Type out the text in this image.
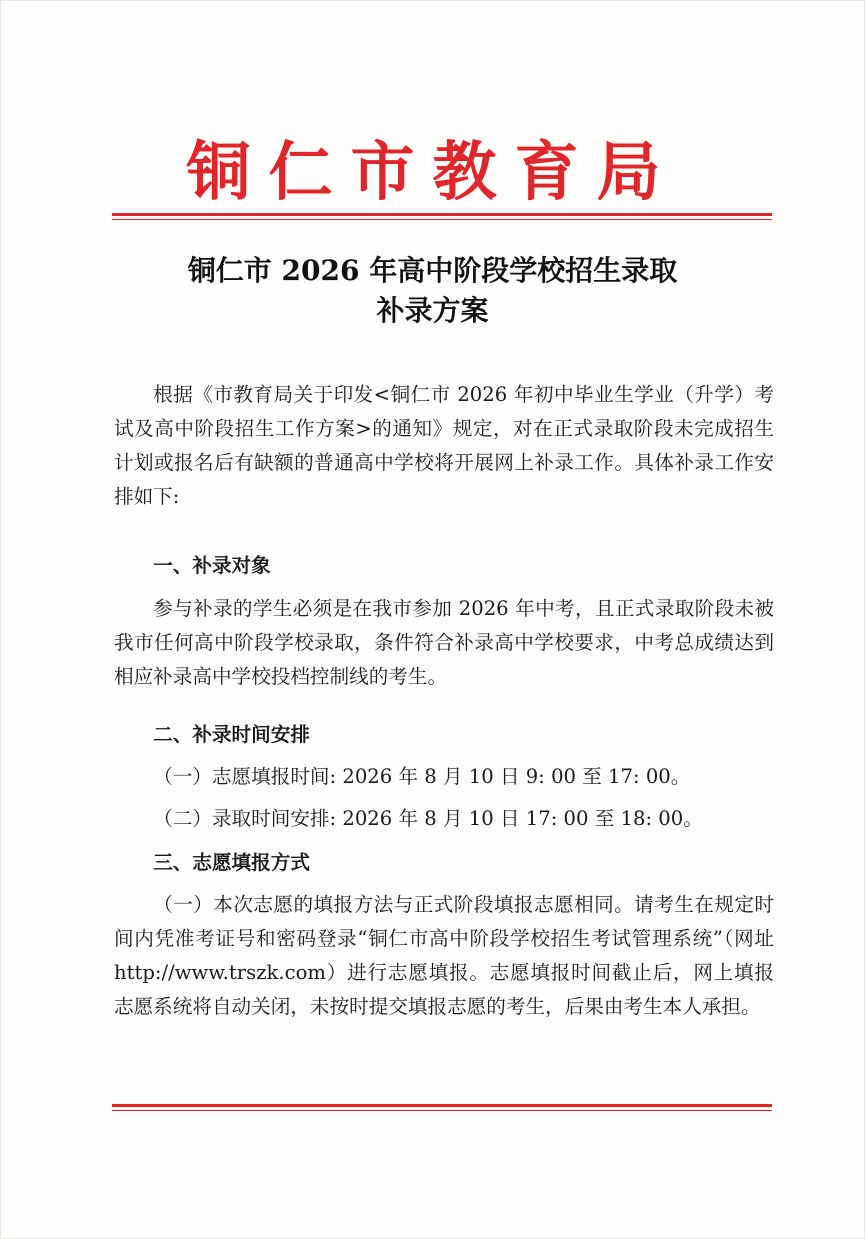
铜仁市教育局
铜仁市 2026 年高中阶段学校招生录取
补录方案

根据《市教育局关于印发<铜仁市 2026 年初中毕业生学业（升学）考试及高中阶段招生工作方案>的通知》规定，对在正式录取阶段未完成招生计划或报名后有缺额的普通高中学校将开展网上补录工作。具体补录工作安排如下:

一、补录对象

参与补录的学生必须是在我市参加 2026 年中考，且正式录取阶段未被我市任何高中阶段学校录取，条件符合补录高中学校要求，中考总成绩达到相应补录高中学校投档控制线的考生。

二、补录时间安排

（一）志愿填报时间: 2026 年 8 月 10 日 9: 00 至 17: 00。

（二）录取时间安排: 2026 年 8 月 10 日 17: 00 至 18: 00。

三、志愿填报方式

（一）本次志愿的填报方法与正式阶段填报志愿相同。请考生在规定时间内凭准考证号和密码登录“铜仁市高中阶段学校招生考试管理系统”（网址 http://www.trszk.com）进行志愿填报。志愿填报时间截止后，网上填报志愿系统将自动关闭，未按时提交填报志愿的考生，后果由考生本人承担。
